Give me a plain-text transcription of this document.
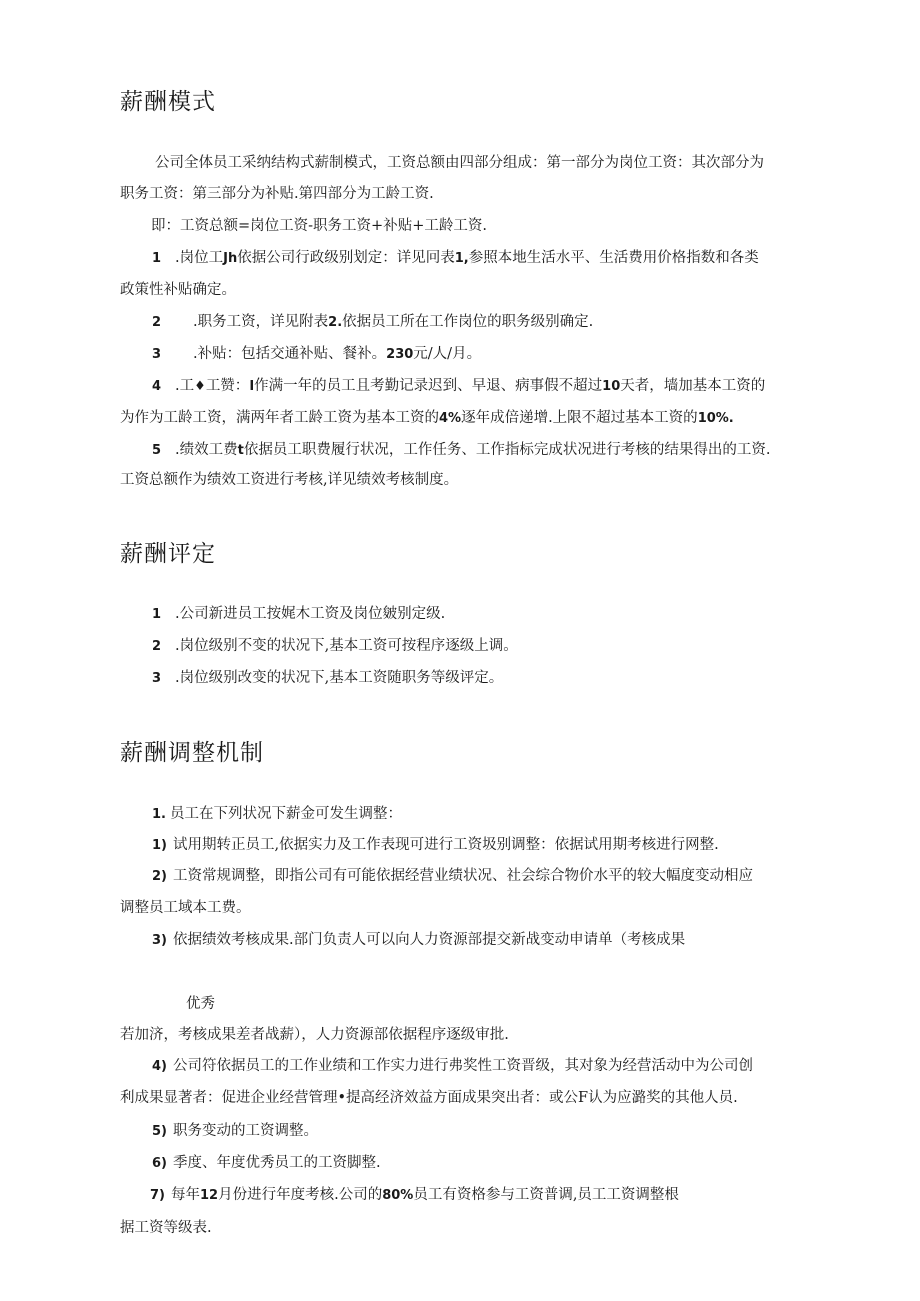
薪酬模式

公司全体员工采纳结构式薪制模式，工资总额由四部分组成：第一部分为岗位工资：其次部分为

职务工资：第三部分为补贴.第四部分为工龄工资.

即：工资总额=岗位工资-职务工资+补贴+工龄工资.

1 .岗位工Jh依据公司行政级别划定：详见冋表1,参照本地生活水平、生活费用价格指数和各类

政策性补贴确定。

2 .职务工资，详见附表2.依据员工所在工作岗位的职务级别确定.

3 .补贴：包括交通补贴、餐补。230元/人/月。

4 .工♦工赞：I作满一年的员工且考勤记录迟到、早退、病事假不超过10天者，墙加基本工资的

为作为工龄工资，满两年者工龄工资为基本工资的4%逐年成倍递增.上限不超过基本工资的10%.

5 .绩效工费t依据员工职费履行状况，工作任务、工作指标完成状况进行考核的结果得出的工资.

工资总额作为绩效工资进行考核,详见绩效考核制度。

薪酬评定

1 .公司新进员工按娓木工资及岗位皴别定级.

2 .岗位级别不变的状况下,基本工资可按程序逐级上调。

3 .岗位级别改变的状况下,基本工资随职务等级评定。

薪酬调整机制

1. 员工在下列状况下薪金可发生调整：

1) 试用期转正员工,依据实力及工作表现可进行工资圾别调整：依据试用期考核进行网整.

2) 工资常规调整，即指公司有可能依据经营业绩状况、社会综合物价水平的较大幅度变动相应

调整员工域本工费。

3) 依据绩效考核成果.部门负责人可以向人力资源部提交新战变动申请单（考核成果

优秀

若加济，考核成果差者战薪），人力资源部依据程序逐级审批.

4) 公司符依据员工的工作业绩和工作实力进行弗奖性工资晋级，其对象为经营活动中为公司创

利成果显著者：促进企业经营管理•提高经济效益方面成果突出者：或公F认为应潞奖的其他人员.

5) 职务变动的工资调整。

6) 季度、年度优秀员工的工资脚整.

7) 每年12月份进行年度考核.公司的80%员工有资格参与工资普调,员工工资调整根

据工资等级表.
